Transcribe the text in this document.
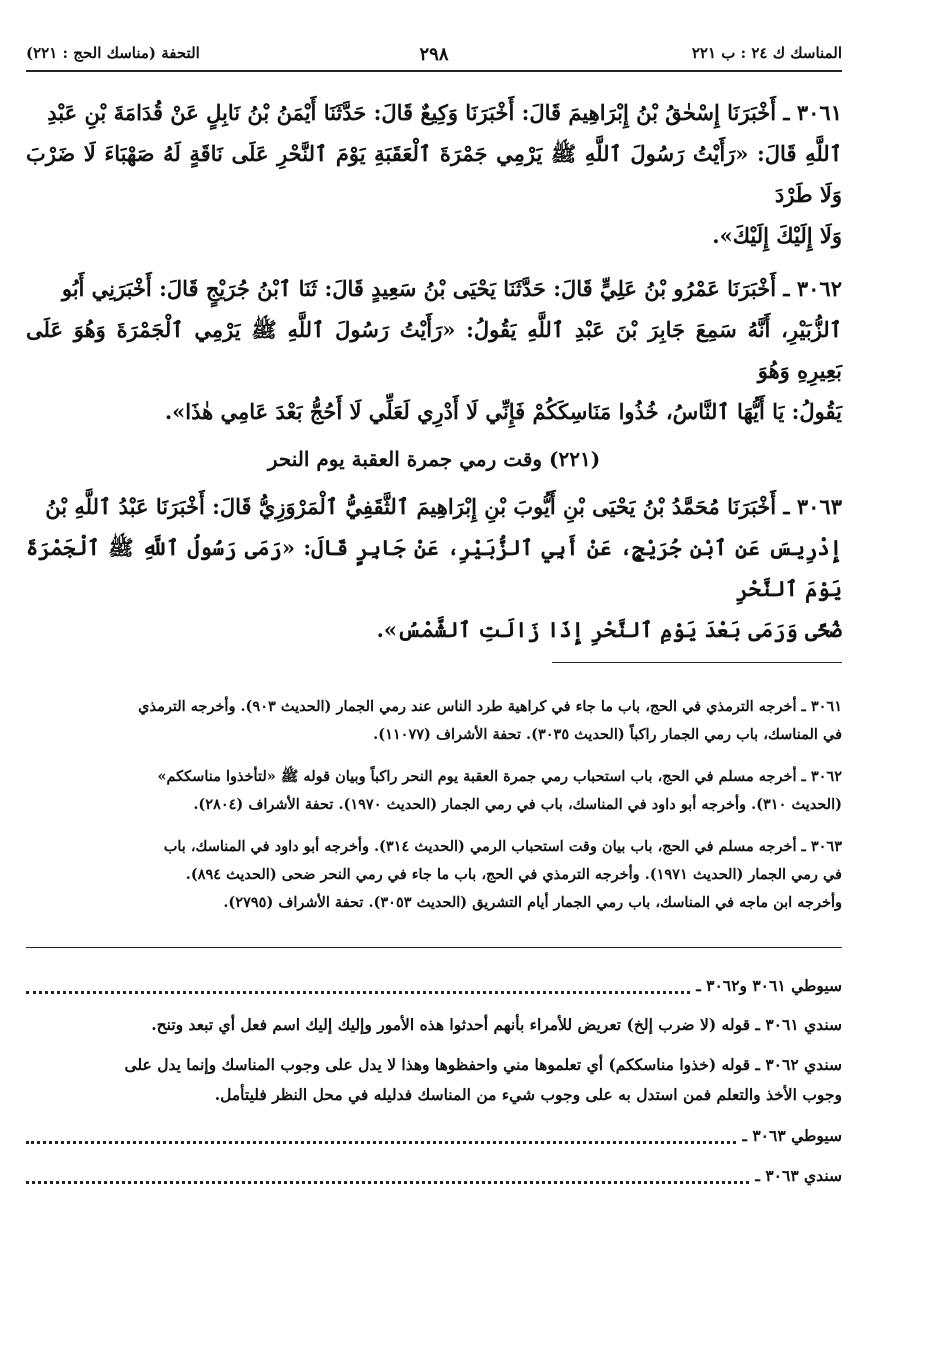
المناسك ك ٢٤ : ب ٢٢١
٢٩٨
التحفة (مناسك الحج : ٢٢١)

٣٠٦١ ـ أَخْبَرَنَا إِسْحٰقُ بْنُ إِبْرَاهِيمَ قَالَ: أَخْبَرَنَا وَكِيعٌ قَالَ: حَدَّثَنَا أَيْمَنُ بْنُ نَابِلٍ عَنْ قُدَامَةَ بْنِ عَبْدِ

ٱللَّهِ قَالَ: «رَأَيْتُ رَسُولَ ٱللَّهِ ﷺ يَرْمِي جَمْرَةَ ٱلْعَقَبَةِ يَوْمَ ٱلنَّحْرِ عَلَى نَاقَةٍ لَهُ صَهْبَاءَ لَا ضَرْبَ وَلَا طَرْدَ

وَلَا إِلَيْكَ إِلَيْكَ».

٣٠٦٢ ـ أَخْبَرَنَا عَمْرُو بْنُ عَلِيٍّ قَالَ: حَدَّثَنَا يَحْيَى بْنُ سَعِيدٍ قَالَ: ثَنَا ٱبْنُ جُرَيْجٍ قَالَ: أَخْبَرَنِي أَبُو

ٱلزُّبَيْرِ، أَنَّهُ سَمِعَ جَابِرَ بْنَ عَبْدِ ٱللَّهِ يَقُولُ: «رَأَيْتُ رَسُولَ ٱللَّهِ ﷺ يَرْمِي ٱلْجَمْرَةَ وَهُوَ عَلَى بَعِيرِهِ وَهُوَ

يَقُولُ: يَا أَيُّهَا ٱلنَّاسُ، خُذُوا مَنَاسِكَكُمْ فَإِنِّي لَا أَدْرِي لَعَلِّي لَا أَحُجُّ بَعْدَ عَامِي هٰذَا».

(٢٢١) وقت رمي جمرة العقبة يوم النحر

٣٠٦٣ ـ أَخْبَرَنَا مُحَمَّدُ بْنُ يَحْيَى بْنِ أَيُّوبَ بْنِ إِبْرَاهِيمَ ٱلثَّقَفِيُّ ٱلْمَرْوَزِيُّ قَالَ: أَخْبَرَنَا عَبْدُ ٱللَّهِ بْنُ

إِدْرِيسَ عَنِ ٱبْنِ جُرَيْجٍ، عَنْ أَبِي ٱلزُّبَيْرِ، عَنْ جَابِرٍ قَالَ: «رَمَى رَسُولُ ٱللَّهِ ﷺ ٱلْجَمْرَةَ يَوْمَ ٱلنَّحْرِ

ضُحًى وَرَمَى بَعْدَ يَوْمِ ٱلنَّحْرِ إِذَا زَالَتِ ٱلشَّمْسُ».

٣٠٦١ ـ أخرجه الترمذي في الحج، باب ما جاء في كراهية طرد الناس عند رمي الجمار (الحديث ٩٠٣). وأخرجه الترمذي

في المناسك، باب رمي الجمار راكباً (الحديث ٣٠٣٥). تحفة الأشراف (١١٠٧٧).

٣٠٦٢ ـ أخرجه مسلم في الحج، باب استحباب رمي جمرة العقبة يوم النحر راكباً وبيان قوله ﷺ «لتأخذوا مناسككم»

(الحديث ٣١٠). وأخرجه أبو داود في المناسك، باب في رمي الجمار (الحديث ١٩٧٠). تحفة الأشراف (٢٨٠٤).

٣٠٦٣ ـ أخرجه مسلم في الحج، باب بيان وقت استحباب الرمي (الحديث ٣١٤). وأخرجه أبو داود في المناسك، باب

في رمي الجمار (الحديث ١٩٧١). وأخرجه الترمذي في الحج، باب ما جاء في رمي النحر ضحى (الحديث ٨٩٤).

وأخرجه ابن ماجه في المناسك، باب رمي الجمار أيام التشريق (الحديث ٣٠٥٣). تحفة الأشراف (٢٧٩٥).

سيوطي ٣٠٦١ و٣٠٦٢ ـ

سندي ٣٠٦١ ـ قوله (لا ضرب إلخ) تعريض للأمراء بأنهم أحدثوا هذه الأمور وإليك إليك اسم فعل أي تبعد وتنح.

سندي ٣٠٦٢ ـ قوله (خذوا مناسككم) أي تعلموها مني واحفظوها وهذا لا يدل على وجوب المناسك وإنما يدل على

وجوب الأخذ والتعلم فمن استدل به على وجوب شيء من المناسك فدليله في محل النظر فليتأمل.

سيوطي ٣٠٦٣ ـ
سندي ٣٠٦٣ ـ
